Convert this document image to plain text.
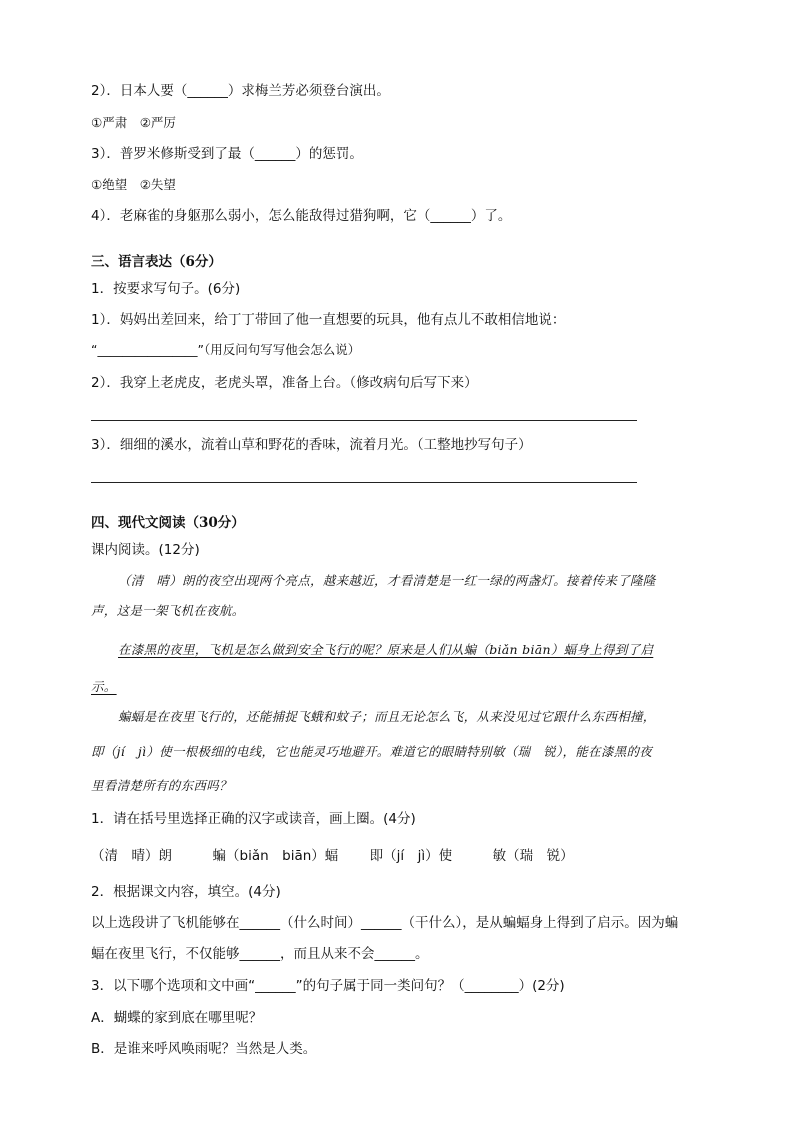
2）．日本人要（______）求梅兰芳必须登台演出。
①严肃　②严厉
3）．普罗米修斯受到了最（______）的惩罚。
①绝望　②失望
4）．老麻雀的身躯那么弱小，怎么能敌得过猎狗啊，它（______）了。
三、语言表达（6分）
1．按要求写句子。(6分)
1）．妈妈出差回来，给丁丁带回了他一直想要的玩具，他有点儿不敢相信地说：
“________________”（用反问句写写他会怎么说）
2）．我穿上老虎皮，老虎头罩，准备上台。（修改病句后写下来）
3）．细细的溪水，流着山草和野花的香味，流着月光。（工整地抄写句子）
四、现代文阅读（30分）
课内阅读。(12分)
（清　晴）朗的夜空出现两个亮点，越来越近，才看清楚是一红一绿的两盏灯。接着传来了隆隆
声，这是一架飞机在夜航。
在漆黑的夜里，飞机是怎么做到安全飞行的呢？原来是人们从蝙（biǎn biān）蝠身上得到了启
示。
蝙蝠是在夜里飞行的，还能捕捉飞蛾和蚊子；而且无论怎么飞，从来没见过它跟什么东西相撞，
即（jí　jì）使一根极细的电线，它也能灵巧地避开。难道它的眼睛特别敏（瑞　锐），能在漆黑的夜
里看清楚所有的东西吗？
1．请在括号里选择正确的汉字或读音，画上圈。(4分)
（清　晴）朗　　　蝙（biǎn　biān）蝠　　 即（jí　jì）使　　　敏（瑞　锐）
2．根据课文内容，填空。(4分)
以上选段讲了飞机能够在______（什么时间）______（干什么），是从蝙蝠身上得到了启示。因为蝙
蝠在夜里飞行，不仅能够______，而且从来不会______。
3．以下哪个选项和文中画“______”的句子属于同一类问句？（________）(2分)
A．蝴蝶的家到底在哪里呢？
B．是谁来呼风唤雨呢？当然是人类。
